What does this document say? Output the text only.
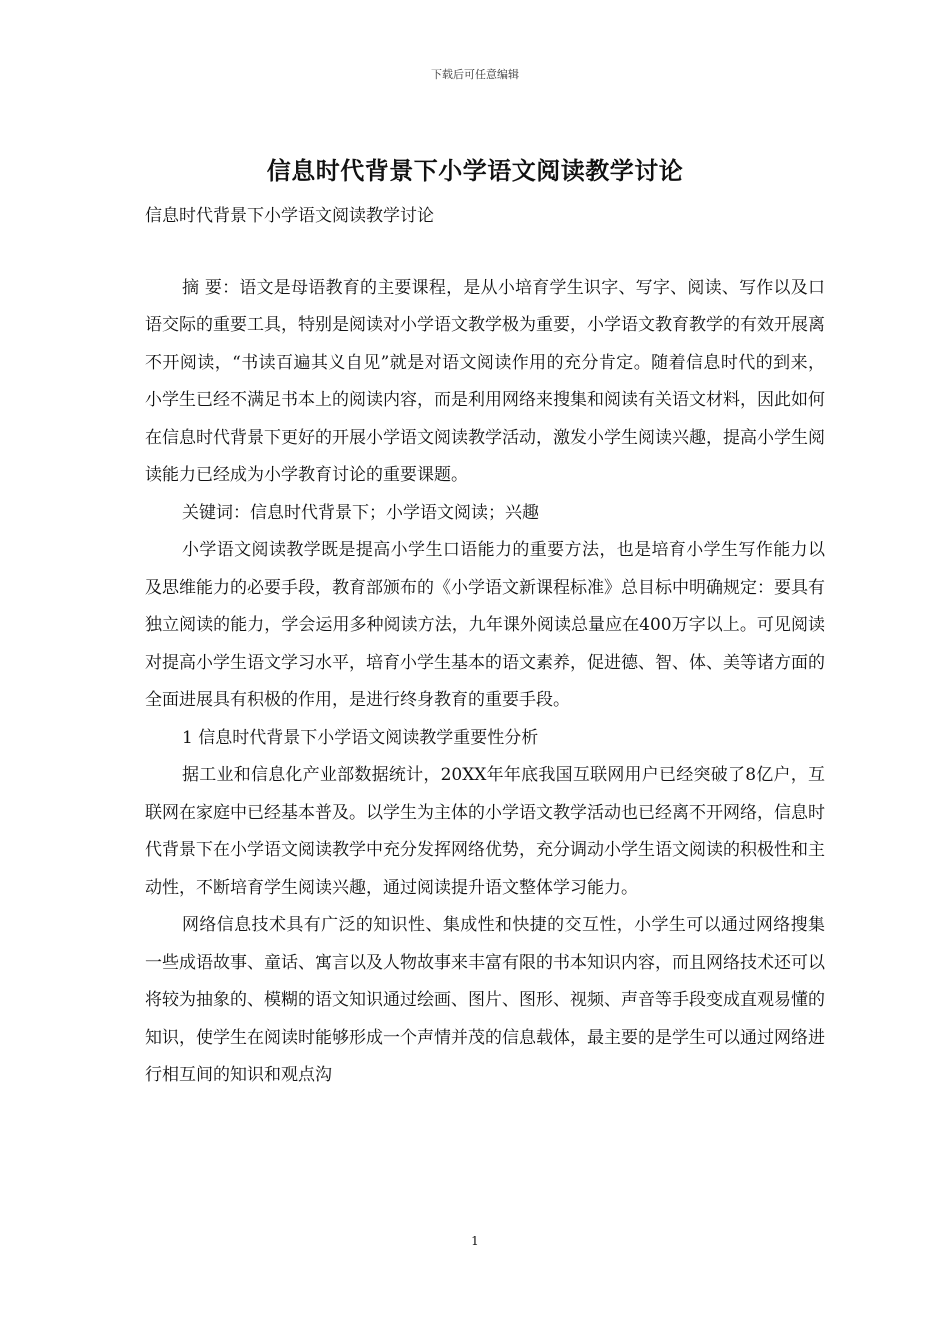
下载后可任意编辑
信息时代背景下小学语文阅读教学讨论

信息时代背景下小学语文阅读教学讨论

摘 要：语文是母语教育的主要课程，是从小培育学生识字、写字、阅读、写作以及口语交际的重要工具，特别是阅读对小学语文教学极为重要，小学语文教育教学的有效开展离不开阅读，“书读百遍其义自见”就是对语文阅读作用的充分肯定。随着信息时代的到来，小学生已经不满足书本上的阅读内容，而是利用网络来搜集和阅读有关语文材料，因此如何在信息时代背景下更好的开展小学语文阅读教学活动，激发小学生阅读兴趣，提高小学生阅读能力已经成为小学教育讨论的重要课题。

关键词：信息时代背景下；小学语文阅读；兴趣

小学语文阅读教学既是提高小学生口语能力的重要方法，也是培育小学生写作能力以及思维能力的必要手段，教育部颁布的《小学语文新课程标准》总目标中明确规定：要具有独立阅读的能力，学会运用多种阅读方法，九年课外阅读总量应在400万字以上。可见阅读对提高小学生语文学习水平，培育小学生基本的语文素养，促进德、智、体、美等诸方面的全面进展具有积极的作用，是进行终身教育的重要手段。

1 信息时代背景下小学语文阅读教学重要性分析

据工业和信息化产业部数据统计，20XX年年底我国互联网用户已经突破了8亿户，互联网在家庭中已经基本普及。以学生为主体的小学语文教学活动也已经离不开网络，信息时代背景下在小学语文阅读教学中充分发挥网络优势，充分调动小学生语文阅读的积极性和主动性，不断培育学生阅读兴趣，通过阅读提升语文整体学习能力。

网络信息技术具有广泛的知识性、集成性和快捷的交互性，小学生可以通过网络搜集一些成语故事、童话、寓言以及人物故事来丰富有限的书本知识内容，而且网络技术还可以将较为抽象的、模糊的语文知识通过绘画、图片、图形、视频、声音等手段变成直观易懂的知识，使学生在阅读时能够形成一个声情并茂的信息载体，最主要的是学生可以通过网络进行相互间的知识和观点沟

1
